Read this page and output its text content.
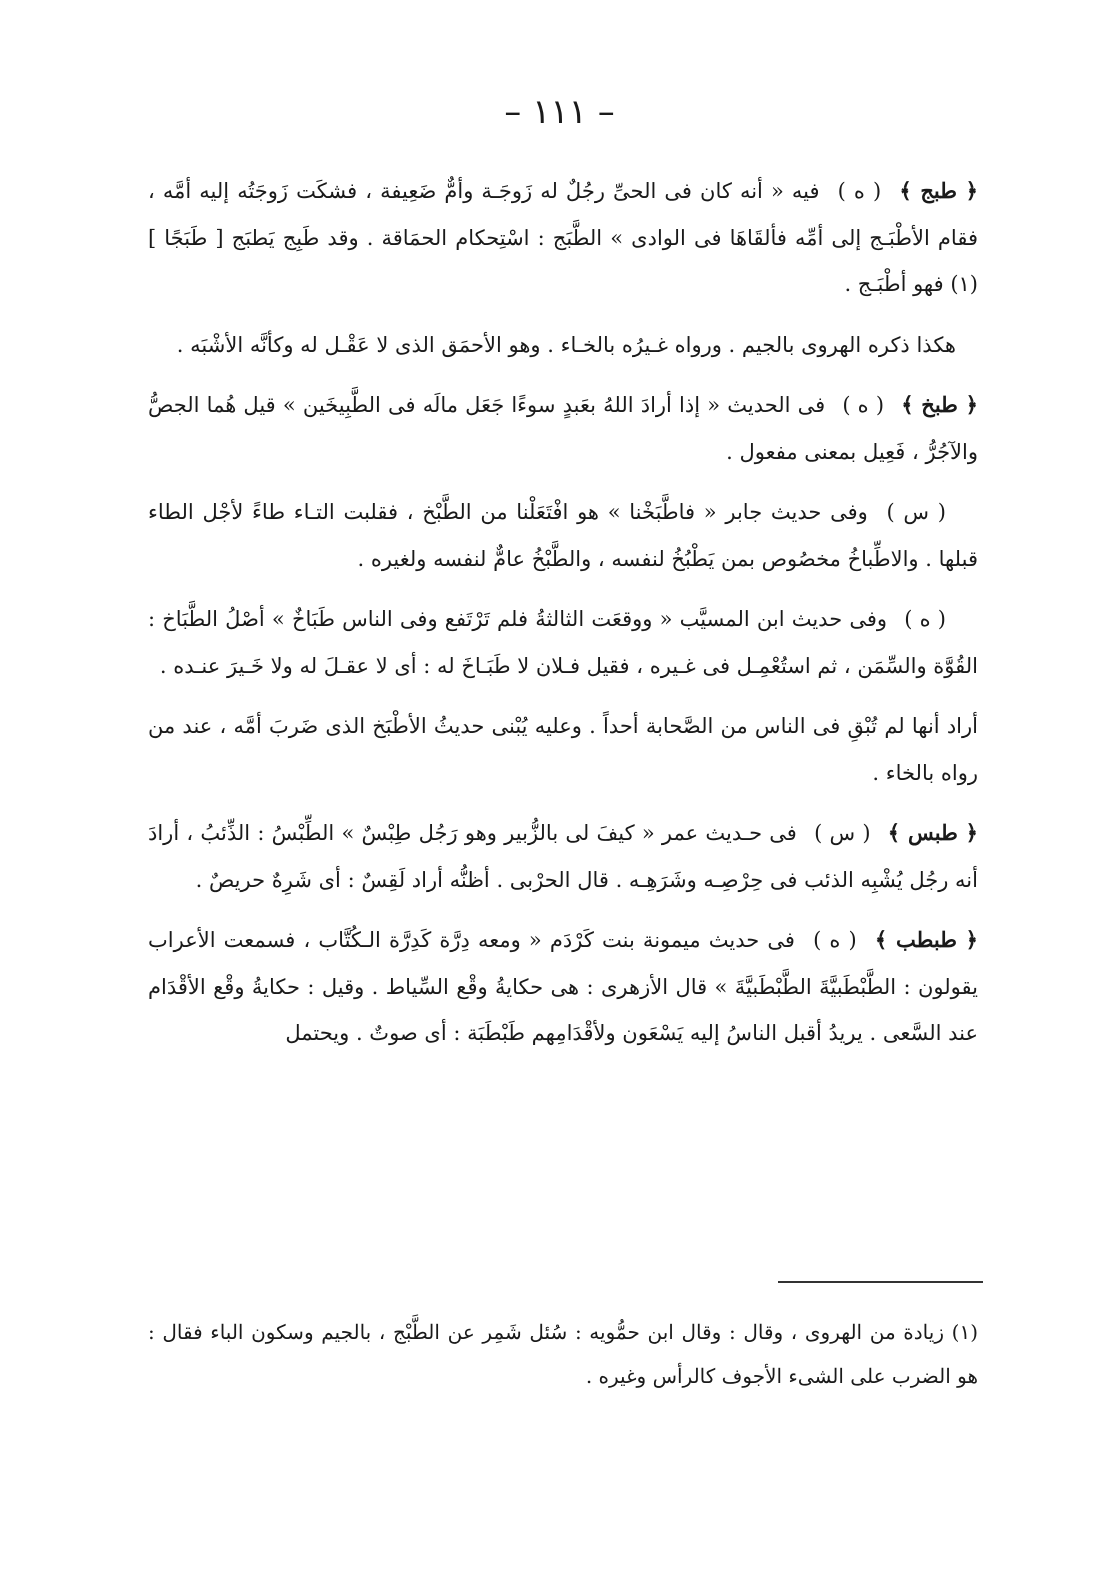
– ١١١ –

﴿ طبج ﴾ ( ه ) فيه « أنه كان فى الحىِّ رجُلٌ له زَوجَـة وأمٌّ ضَعِيفة ، فشكَت زَوجَتُه إليه أمَّه ، فقام الأطْبَـج إلى أمِّه فألقَاهَا فى الوادى » الطَّبَج : اسْتِحكام الحمَاقة . وقد طَبِج يَطبَج [ طَبَجًا ](١) فهو أطْبَـج .

هكذا ذكره الهروى بالجيم . ورواه غـيرُه بالخـاء . وهو الأحمَق الذى لا عَقْـل له وكأنَّه الأشْبَه .

﴿ طبخ ﴾ ( ه ) فى الحديث « إذا أرادَ اللهُ بعَبدٍ سوءًا جَعَل مالَه فى الطَّبِيخَين » قيل هُما الجصُّ والآجُرُّ ، فَعِيل بمعنى مفعول .

( س ) وفى حديث جابر « فاطَّبَخْنا » هو افْتَعَلْنا من الطَّبْخ ، فقلبت التـاء طاءً لأجْل الطاء قبلها . والاطِّباخُ مخصُوص بمن يَطْبُخُ لنفسه ، والطَّبْخُ عامٌّ لنفسه ولغيره .

( ه ) وفى حديث ابن المسيَّب « ووقعَت الثالثةُ فلم تَرْتَفع وفى الناس طَبَاخٌ » أصْلُ الطَّبَاخ : القُوَّة والسِّمَن ، ثم استُعْمِـل فى غـيره ، فقيل فـلان لا طَبَـاخَ له : أى لا عقـلَ له ولا خَـيرَ عنـده .

أراد أنها لم تُبْقِ فى الناس من الصَّحابة أحداً . وعليه يُبْنى حديثُ الأطْبَخ الذى ضَربَ أمَّه ، عند من رواه بالخاء .

﴿ طبس ﴾ ( س ) فى حـديث عمر « كيفَ لى بالزُّبير وهو رَجُل طِبْسٌ » الطِّبْسُ : الذِّئبُ ، أرادَ أنه رجُل يُشْبِه الذئب فى حِرْصِـه وشَرَهِـه . قال الحرْبى . أظنُّه أراد لَقِسٌ : أى شَرِهٌ حريصٌ .

﴿ طبطب ﴾ ( ه ) فى حديث ميمونة بنت كَرْدَم « ومعه دِرَّة كَدِرَّة الـكُتَّاب ، فسمعت الأعراب يقولون : الطَّبْطَبيَّةَ الطَّبْطَبيَّةَ » قال الأزهرى : هى حكايةُ وقْع السِّياط . وقيل : حكايةُ وقْع الأقْدَام عند السَّعى . يريدُ أقبل الناسُ إليه يَسْعَون ولأقْدَامِهم طَبْطَبَة : أى صوتٌ . ويحتمل

(١) زيادة من الهروى ، وقال : وقال ابن حمُّويه : سُئل شَمِر عن الطَّبْج ، بالجيم وسكون الباء فقال : هو الضرب على الشىء الأجوف كالرأس وغيره .
